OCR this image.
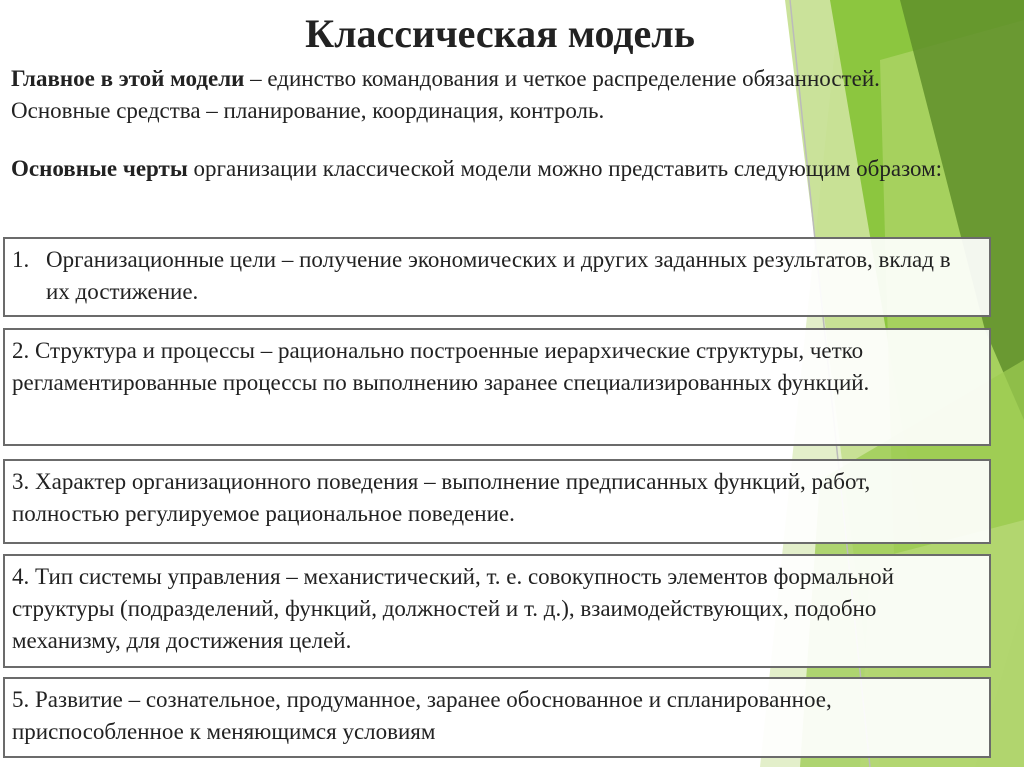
Классическая модель

Главное в этой модели – единство командования и четкое распределение обязанностей. Основные средства – планирование, координация, контроль.

Основные черты организации классической модели можно представить следующим образом:

1. Организационные цели – получение экономических и других заданных результатов, вклад в их достижение.
2. Структура и процессы – рационально построенные иерархические структуры, четко регламентированные процессы по выполнению заранее специализированных функций.
3. Характер организационного поведения – выполнение предписанных функций, работ, полностью регулируемое рациональное поведение.
4. Тип системы управления – механистический, т. е. совокупность элементов формальной структуры (подразделений, функций, должностей и т. д.), взаимодействующих, подобно механизму, для достижения целей.
5. Развитие – сознательное, продуманное, заранее обоснованное и спланированное, приспособленное к меняющимся условиям
